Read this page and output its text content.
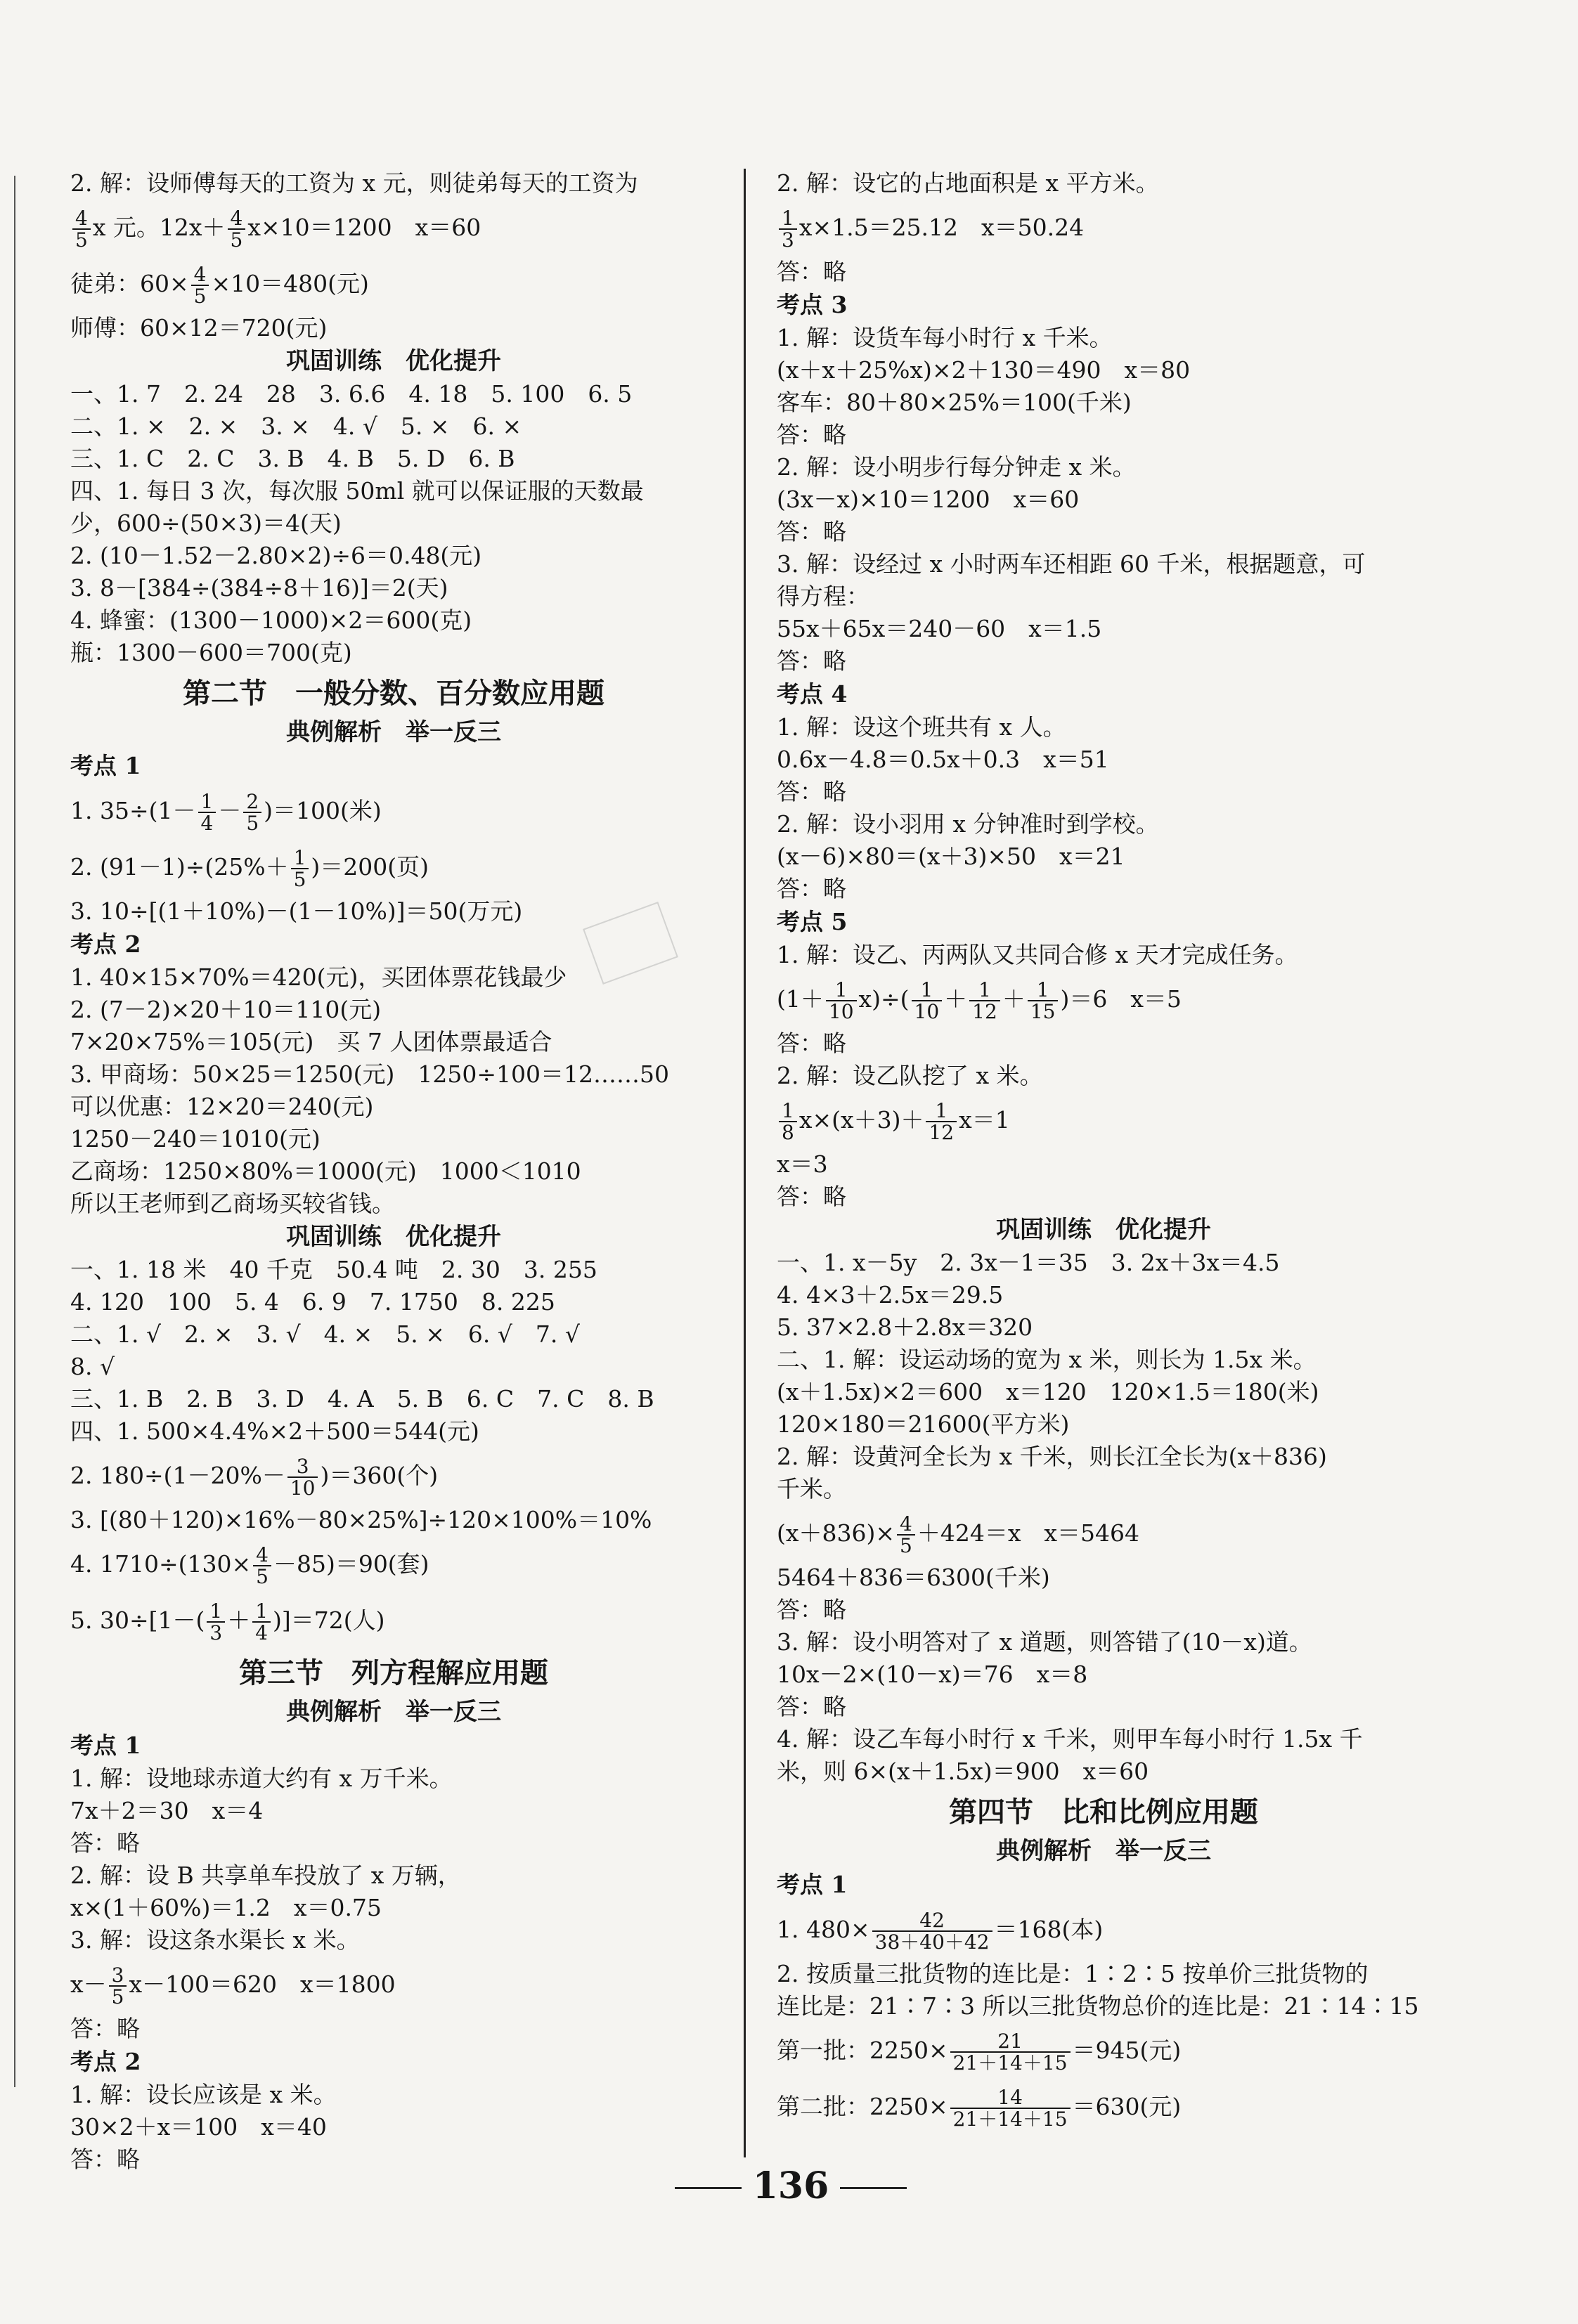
2. 解：设师傅每天的工资为 x 元，则徒弟每天的工资为
$\frac{4}{5}$ x 元。$12x+ \frac{4}{5} x\times 10=1200$　x＝60
徒弟：$60\times \frac{4}{5} \times 10=480$(元)
师傅：60×12＝720(元)
巩固训练　优化提升
一、1. 7　2. 24　28　3. 6.6　4. 18　5. 100　6. 5
二、1. ×　2. ×　3. ×　4. √　5. ×　6. ×
三、1. C　2. C　3. B　4. B　5. D　6. B
四、1. 每日 3 次，每次服 50ml 就可以保证服的天数最
少，600÷(50×3)＝4(天)
2. (10－1.52－2.80×2)÷6＝0.48(元)
3. 8－[384÷(384÷8＋16)]＝2(天)
4. 蜂蜜：(1300－1000)×2＝600(克)
瓶：1300－600＝700(克)
第二节　一般分数、百分数应用题
典例解析　举一反三
考点 1
1. $35\div(1- \frac{1}{4} - \frac{2}{5} )=100$(米)
2. $(91-1)\div(25\%+ \frac{1}{5} )=200$(页)
3. 10÷[(1＋10%)－(1－10%)]＝50(万元)
考点 2
1. 40×15×70%＝420(元)，买团体票花钱最少
2. (7－2)×20＋10＝110(元)
7×20×75%＝105(元)　买 7 人团体票最适合
3. 甲商场：50×25＝1250(元)　1250÷100＝12……50
可以优惠：12×20＝240(元)
1250－240＝1010(元)
乙商场：1250×80%＝1000(元)　1000＜1010
所以王老师到乙商场买较省钱。
巩固训练　优化提升
一、1. 18 米　40 千克　50.4 吨　2. 30　3. 255
4. 120　100　5. 4　6. 9　7. 1750　8. 225
二、1. √　2. ×　3. √　4. ×　5. ×　6. √　7. √
8. √
三、1. B　2. B　3. D　4. A　5. B　6. C　7. C　8. B
四、1. 500×4.4%×2＋500＝544(元)
2. $180\div(1-20\%- \frac{3}{10} )=360$(个)
3. [(80＋120)×16%－80×25%]÷120×100%＝10%
4. $1710\div(130\times \frac{4}{5} -85)=90$(套)
5. $30\div[1-( \frac{1}{3} + \frac{1}{4} )]=72$(人)
第三节　列方程解应用题
典例解析　举一反三
考点 1
1. 解：设地球赤道大约有 x 万千米。
7x＋2＝30　x＝4
答：略
2. 解：设 B 共享单车投放了 x 万辆，
x×(1＋60%)＝1.2　x＝0.75
3. 解：设这条水渠长 x 米。
$x- \frac{3}{5} x-100=620$　x＝1800
答：略
考点 2
1. 解：设长应该是 x 米。
30×2＋x＝100　x＝40
答：略
2. 解：设它的占地面积是 x 平方米。
$\frac{1}{3} x\times 1.5=25.12$　x＝50.24
答：略
考点 3
1. 解：设货车每小时行 x 千米。
(x＋x＋25%x)×2＋130＝490　x＝80
客车：80＋80×25%＝100(千米)
答：略
2. 解：设小明步行每分钟走 x 米。
(3x－x)×10＝1200　x＝60
答：略
3. 解：设经过 x 小时两车还相距 60 千米，根据题意，可
得方程：
55x＋65x＝240－60　x＝1.5
答：略
考点 4
1. 解：设这个班共有 x 人。
0.6x－4.8＝0.5x＋0.3　x＝51
答：略
2. 解：设小羽用 x 分钟准时到学校。
(x－6)×80＝(x＋3)×50　x＝21
答：略
考点 5
1. 解：设乙、丙两队又共同合修 x 天才完成任务。
$(1+ \frac{1}{10} x)\div( \frac{1}{10} + \frac{1}{12} + \frac{1}{15} )=6$　x＝5
答：略
2. 解：设乙队挖了 x 米。
$\frac{1}{8} x\times(x+3)+ \frac{1}{12} x=1$
x＝3
答：略
巩固训练　优化提升
一、1. x－5y　2. 3x－1＝35　3. 2x＋3x＝4.5
4. 4×3＋2.5x＝29.5
5. 37×2.8＋2.8x＝320
二、1. 解：设运动场的宽为 x 米，则长为 1.5x 米。
(x＋1.5x)×2＝600　x＝120　120×1.5＝180(米)
120×180＝21600(平方米)
2. 解：设黄河全长为 x 千米，则长江全长为(x＋836)
千米。
$(x+836)\times \frac{4}{5} +424=x$　x＝5464
5464＋836＝6300(千米)
答：略
3. 解：设小明答对了 x 道题，则答错了(10－x)道。
10x－2×(10－x)＝76　x＝8
答：略
4. 解：设乙车每小时行 x 千米，则甲车每小时行 1.5x 千
米，则 6×(x＋1.5x)＝900　x＝60
第四节　比和比例应用题
典例解析　举一反三
考点 1
1. $480\times \frac{42}{38+40+42} =168$(本)
2. 按质量三批货物的连比是：1∶2∶5 按单价三批货物的
连比是：21∶7∶3 所以三批货物总价的连比是：21∶14∶15
第一批：$2250\times \frac{21}{21+14+15} =945$(元)
第二批：$2250\times \frac{14}{21+14+15} =630$(元)
136
